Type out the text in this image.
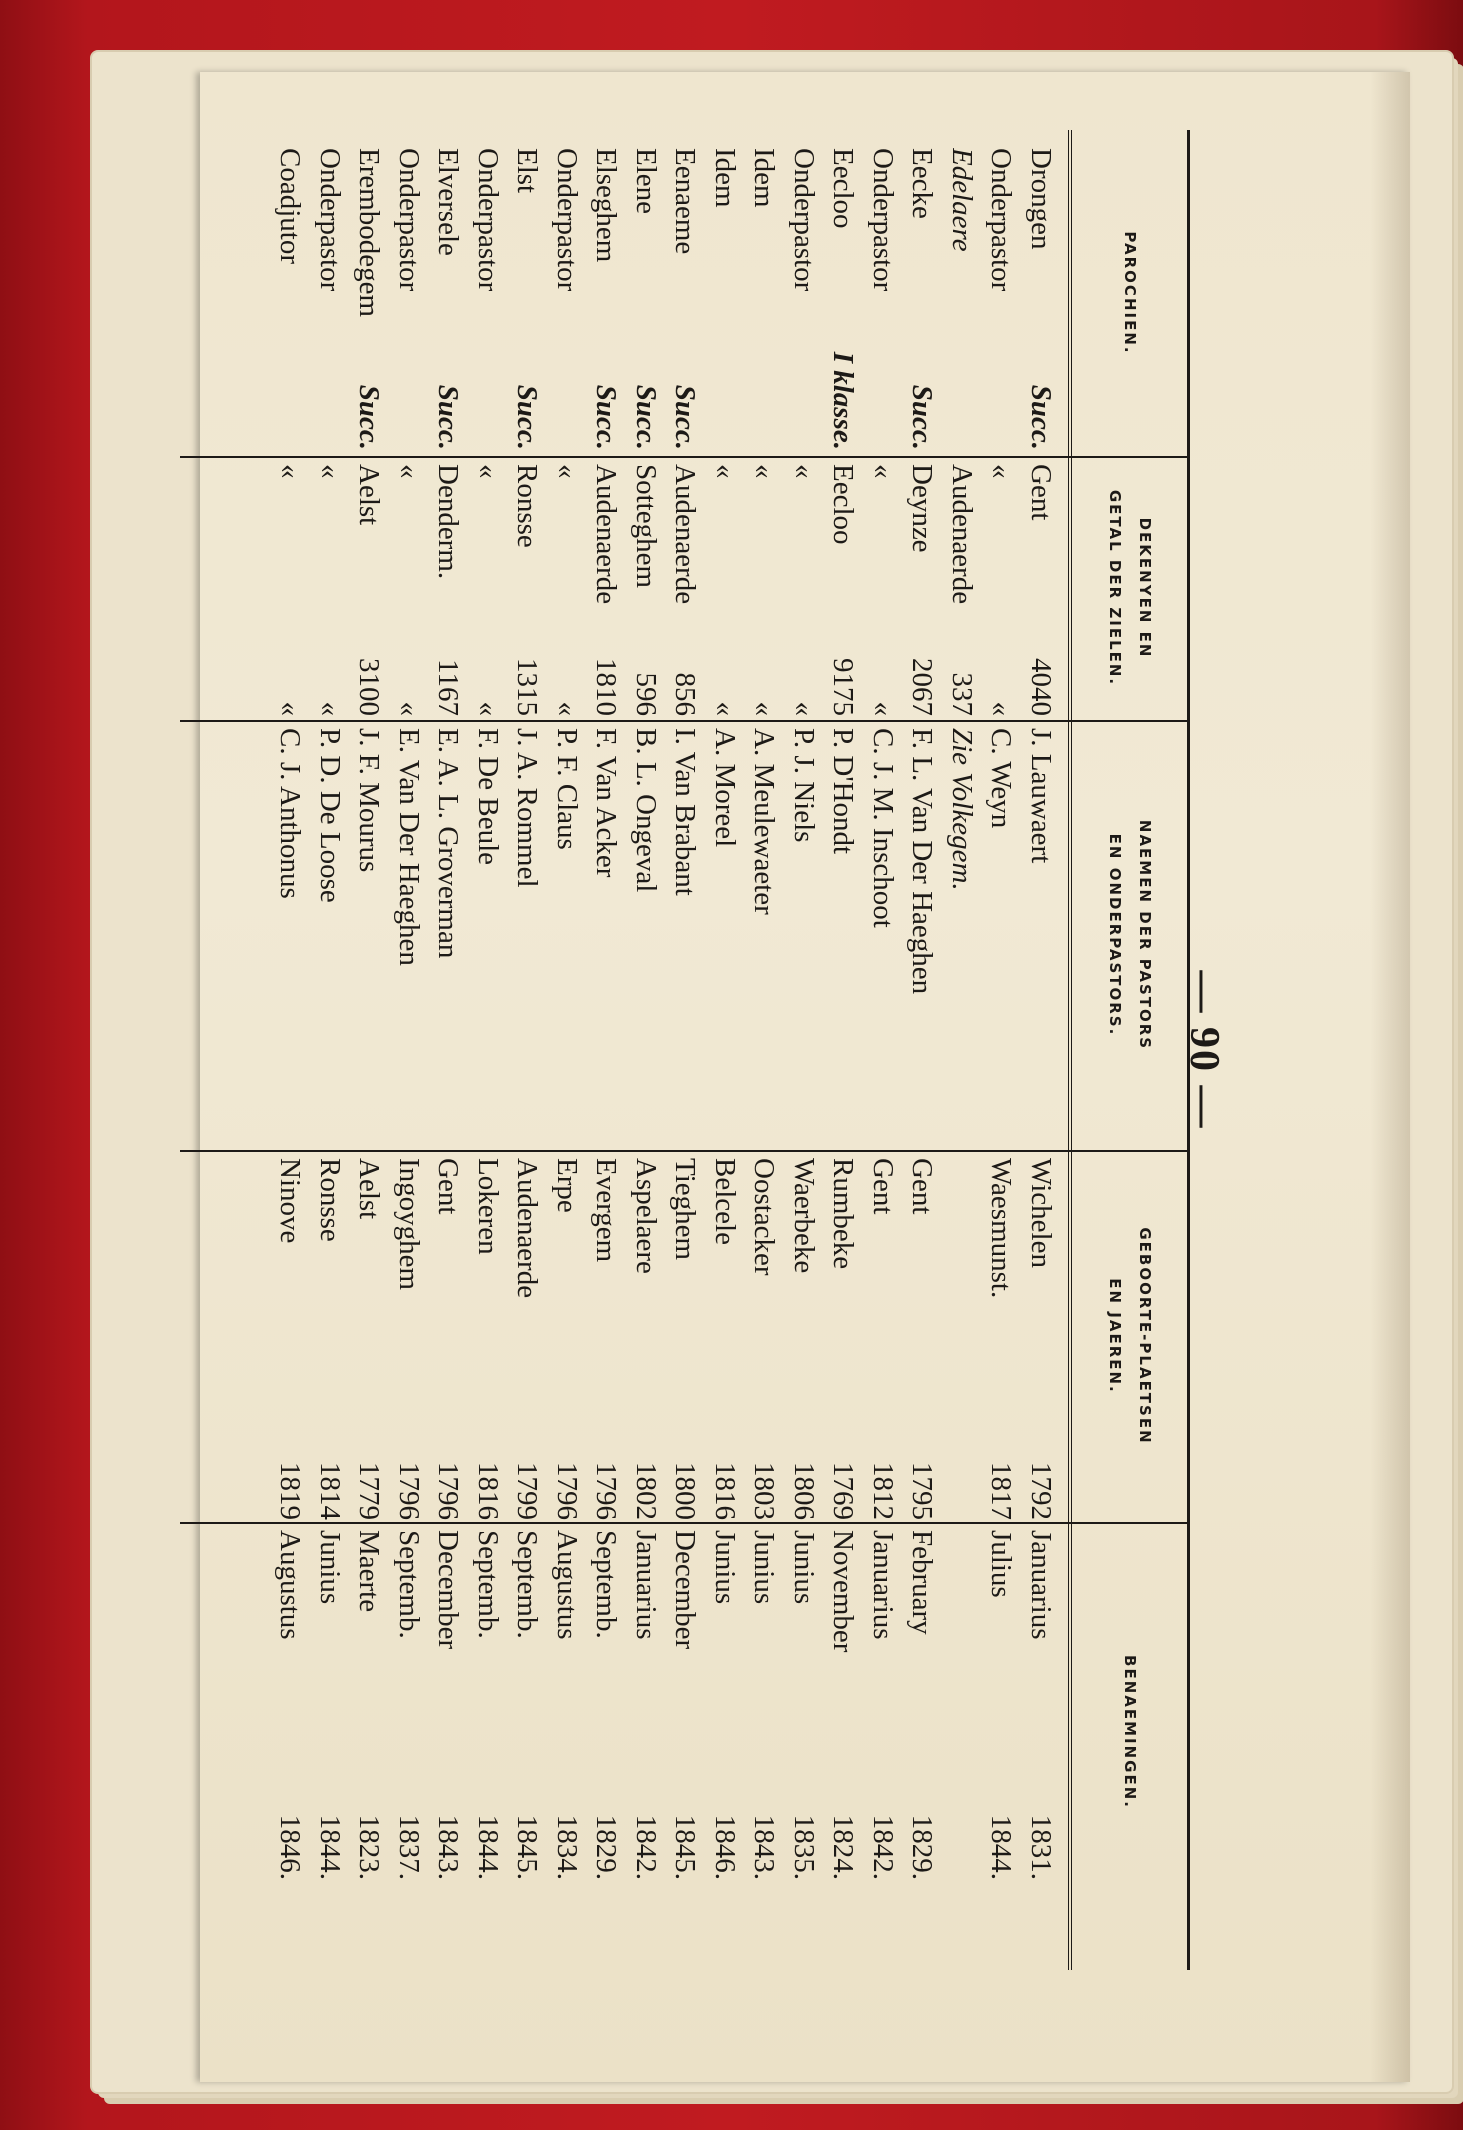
— 90 —
PAROCHIEN.
DEKENYEN EN
GETAL DER ZIELEN.
NAEMEN DER PASTORS
EN ONDERPASTORS.
GEBOORTE-PLAETSEN
EN JAEREN.
BENAEMINGEN.
Drongen
Succ.
Gent
4040
J. Lauwaert
Wichelen
1792
Januarius
1831.
Onderpastor
«
«
C. Weyn
Waesmunst.
1817
Julius
1844.
Edelaere
Audenaerde
337
Zie Volkegem.
Eecke
Succ.
Deynze
2067
F. L. Van Der Haeghen
Gent
1795
February
1829.
Onderpastor
«
«
C. J. M. Inschoot
Gent
1812
Januarius
1842.
Eecloo
I klasse.
Eecloo
9175
P. D'Hondt
Rumbeke
1769
November
1824.
Onderpastor
«
«
P. J. Niels
Waerbeke
1806
Junius
1835.
Idem
«
«
A. Meulewaeter
Oostacker
1803
Junius
1843.
Idem
«
«
A. Moreel
Belcele
1816
Junius
1846.
Eenaeme
Succ.
Audenaerde
856
I. Van Brabant
Tieghem
1800
December
1845.
Elene
Succ.
Sotteghem
596
B. L. Ongeval
Aspelaere
1802
Januarius
1842.
Elseghem
Succ.
Audenaerde
1810
F. Van Acker
Evergem
1796
Septemb.
1829.
Onderpastor
«
«
P. F. Claus
Erpe
1796
Augustus
1834.
Elst
Succ.
Ronsse
1315
J. A. Rommel
Audenaerde
1799
Septemb.
1845.
Onderpastor
«
«
F. De Beule
Lokeren
1816
Septemb.
1844.
Elversele
Succ.
Denderm.
1167
E. A. L. Groverman
Gent
1796
December
1843.
Onderpastor
«
«
E. Van Der Haeghen
Ingoyghem
1796
Septemb.
1837.
Erembodegem
Succ.
Aelst
3100
J. F. Mourus
Aelst
1779
Maerte
1823.
Onderpastor
«
«
P. D. De Loose
Ronsse
1814
Junius
1844.
Coadjutor
«
«
C. J. Anthonus
Ninove
1819
Augustus
1846.
